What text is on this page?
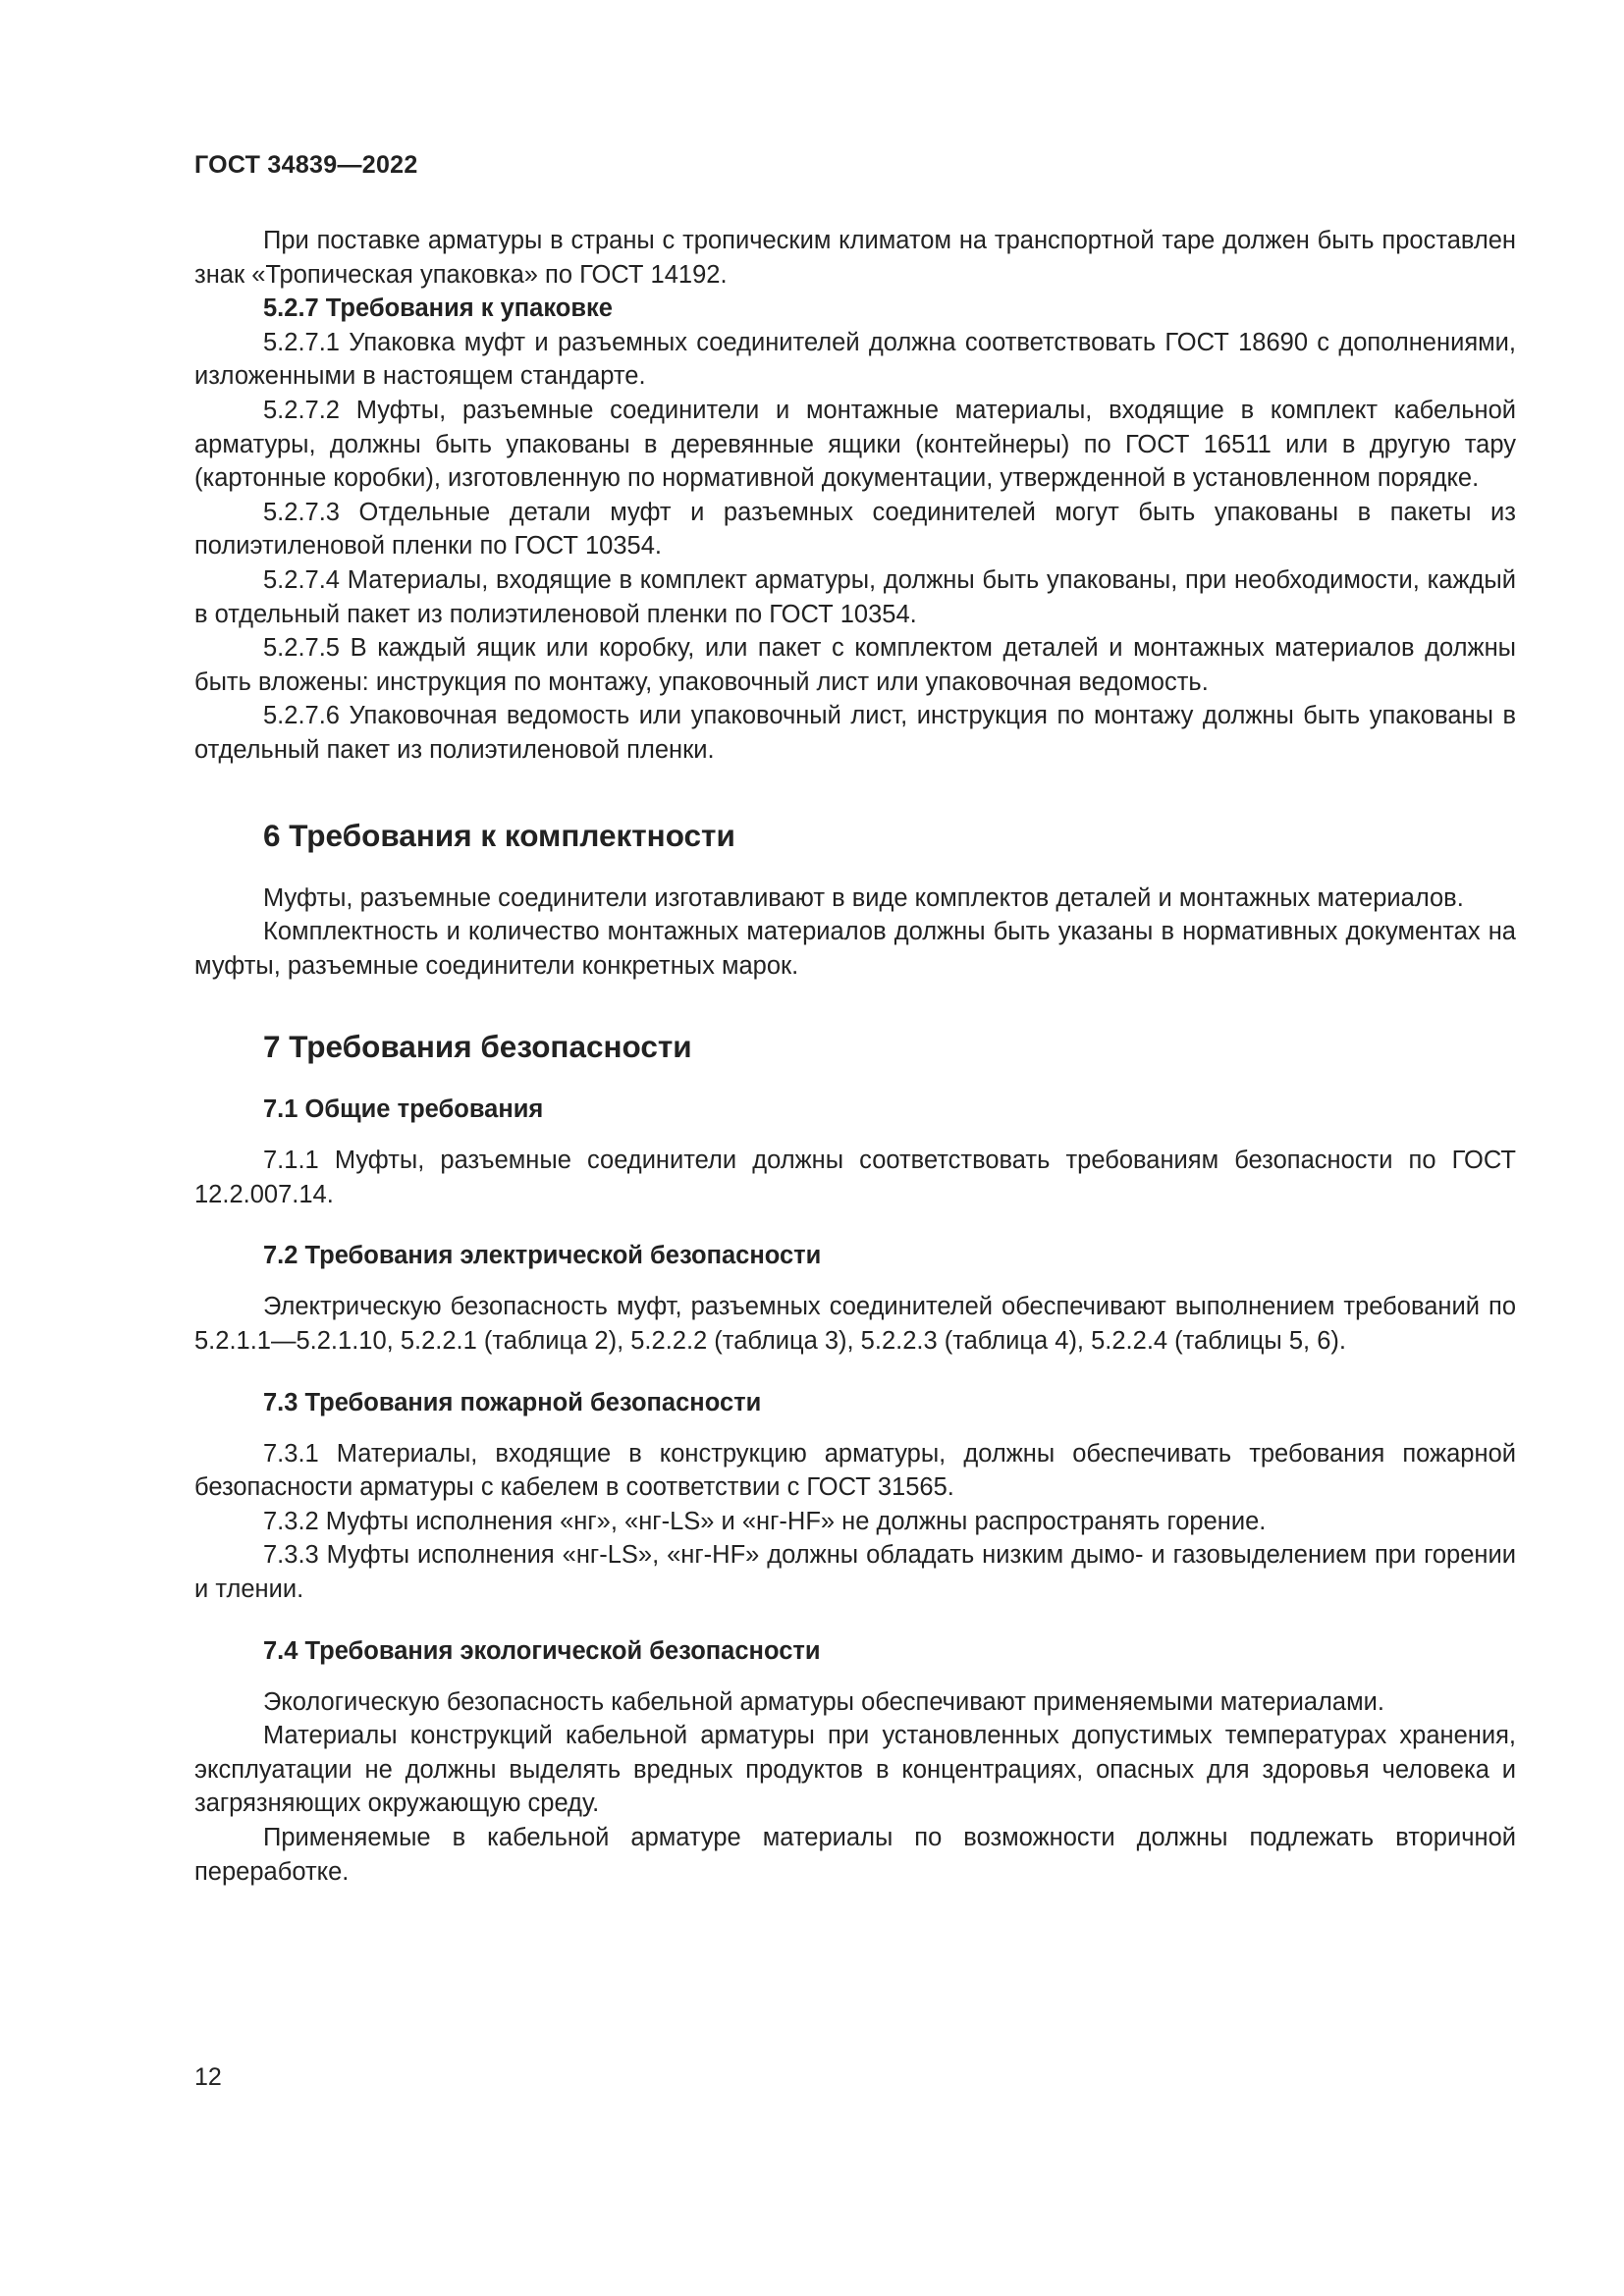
ГОСТ 34839—2022

При поставке арматуры в страны с тропическим климатом на транспортной таре должен быть проставлен знак «Тропическая упаковка» по ГОСТ 14192.

5.2.7 Требования к упаковке

5.2.7.1 Упаковка муфт и разъемных соединителей должна соответствовать ГОСТ 18690 с дополнениями, изложенными в настоящем стандарте.

5.2.7.2 Муфты, разъемные соединители и монтажные материалы, входящие в комплект кабельной арматуры, должны быть упакованы в деревянные ящики (контейнеры) по ГОСТ 16511 или в другую тару (картонные коробки), изготовленную по нормативной документации, утвержденной в установленном порядке.

5.2.7.3 Отдельные детали муфт и разъемных соединителей могут быть упакованы в пакеты из полиэтиленовой пленки по ГОСТ 10354.

5.2.7.4 Материалы, входящие в комплект арматуры, должны быть упакованы, при необходимости, каждый в отдельный пакет из полиэтиленовой пленки по ГОСТ 10354.

5.2.7.5 В каждый ящик или коробку, или пакет с комплектом деталей и монтажных материалов должны быть вложены: инструкция по монтажу, упаковочный лист или упаковочная ведомость.

5.2.7.6 Упаковочная ведомость или упаковочный лист, инструкция по монтажу должны быть упакованы в отдельный пакет из полиэтиленовой пленки.

6 Требования к комплектности

Муфты, разъемные соединители изготавливают в виде комплектов деталей и монтажных материалов.

Комплектность и количество монтажных материалов должны быть указаны в нормативных документах на муфты, разъемные соединители конкретных марок.

7 Требования безопасности
7.1 Общие требования

7.1.1 Муфты, разъемные соединители должны соответствовать требованиям безопасности по ГОСТ 12.2.007.14.

7.2 Требования электрической безопасности

Электрическую безопасность муфт, разъемных соединителей обеспечивают выполнением требований по 5.2.1.1—5.2.1.10, 5.2.2.1 (таблица 2), 5.2.2.2 (таблица 3), 5.2.2.3 (таблица 4), 5.2.2.4 (таблицы 5, 6).

7.3 Требования пожарной безопасности

7.3.1 Материалы, входящие в конструкцию арматуры, должны обеспечивать требования пожарной безопасности арматуры с кабелем в соответствии с ГОСТ 31565.

7.3.2 Муфты исполнения «нг», «нг-LS» и «нг-HF» не должны распространять горение.

7.3.3 Муфты исполнения «нг-LS», «нг-HF» должны обладать низким дымо- и газовыделением при горении и тлении.

7.4 Требования экологической безопасности

Экологическую безопасность кабельной арматуры обеспечивают применяемыми материалами.

Материалы конструкций кабельной арматуры при установленных допустимых температурах хранения, эксплуатации не должны выделять вредных продуктов в концентрациях, опасных для здоровья человека и загрязняющих окружающую среду.

Применяемые в кабельной арматуре материалы по возможности должны подлежать вторичной переработке.

12
